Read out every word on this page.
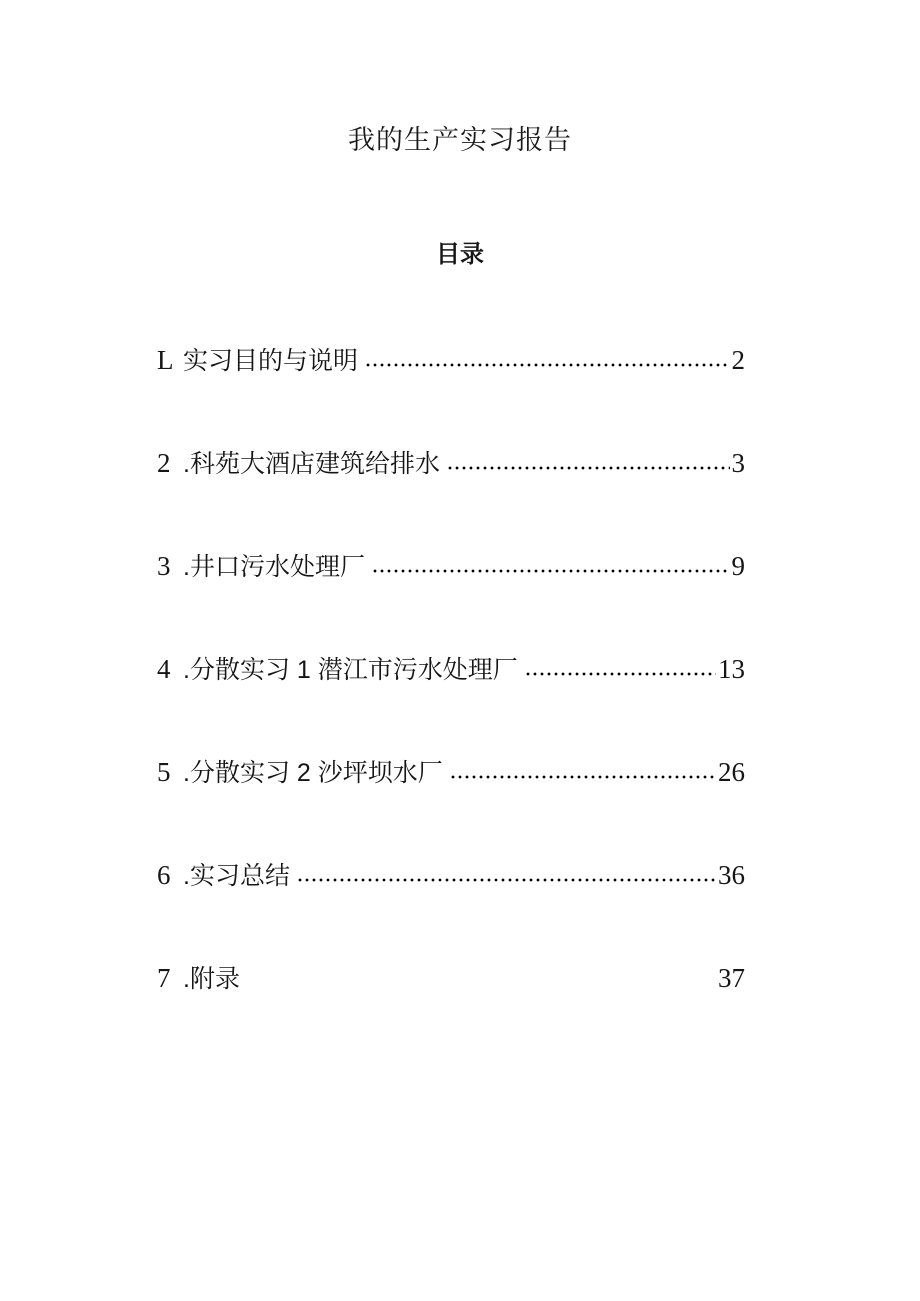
我的生产实习报告
目录
L 实习目的与说明	2
2 .科苑大酒店建筑给排水	3
3 .井口污水处理厂	9
4 .分散实习 1 潜江市污水处理厂	13
5 .分散实习 2 沙坪坝水厂	26
6 .实习总结	36
7 .附录	37
